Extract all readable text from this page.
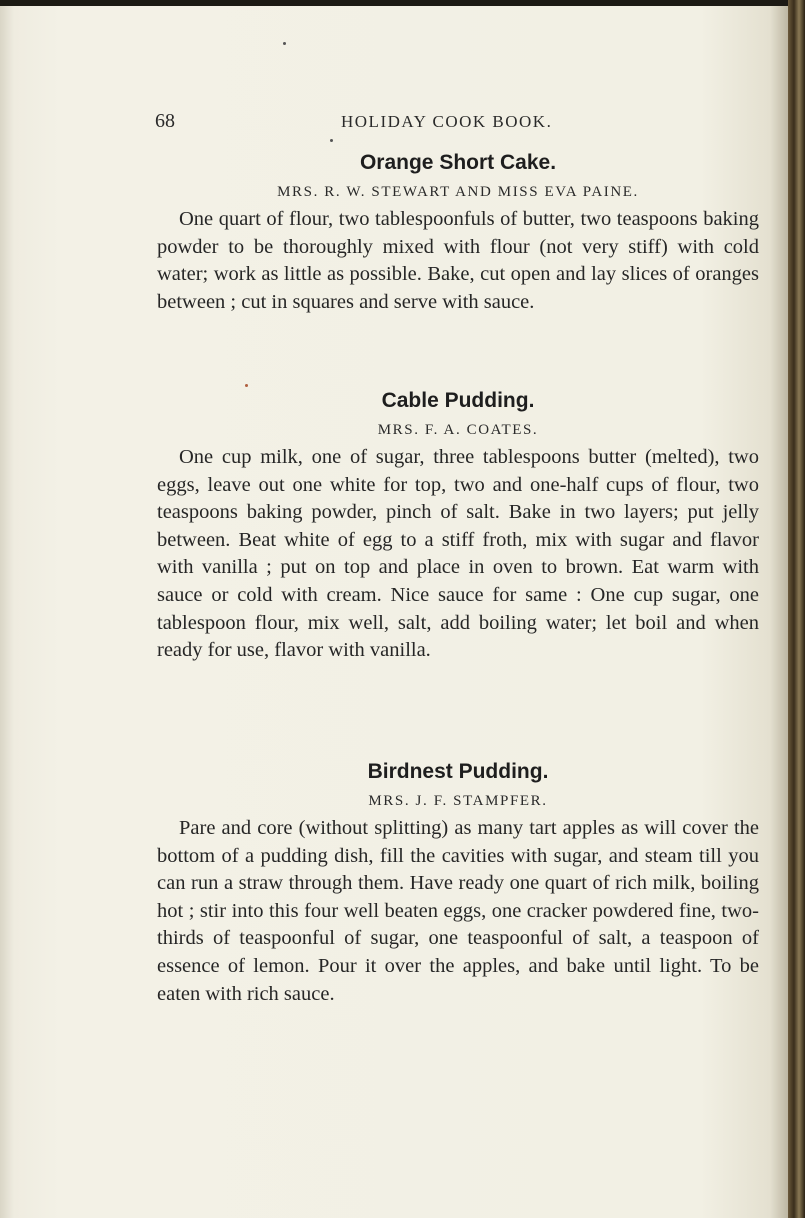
68	HOLIDAY COOK BOOK.
Orange Short Cake.

MRS. R. W. STEWART AND MISS EVA PAINE.

One quart of flour, two tablespoonfuls of butter, two teaspoons baking powder to be thoroughly mixed with flour (not very stiff) with cold water; work as little as possible. Bake, cut open and lay slices of oranges between ; cut in squares and serve with sauce.

Cable Pudding.

MRS. F. A. COATES.

One cup milk, one of sugar, three tablespoons butter (melted), two eggs, leave out one white for top, two and one-half cups of flour, two teaspoons baking powder, pinch of salt. Bake in two layers; put jelly between. Beat white of egg to a stiff froth, mix with sugar and flavor with vanilla ; put on top and place in oven to brown. Eat warm with sauce or cold with cream. Nice sauce for same : One cup sugar, one tablespoon flour, mix well, salt, add boiling water; let boil and when ready for use, flavor with vanilla.

Birdnest Pudding.

MRS. J. F. STAMPFER.

Pare and core (without splitting) as many tart apples as will cover the bottom of a pudding dish, fill the cavities with sugar, and steam till you can run a straw through them. Have ready one quart of rich milk, boiling hot ; stir into this four well beaten eggs, one cracker powdered fine, two-thirds of teaspoonful of sugar, one teaspoonful of salt, a teaspoon of essence of lemon. Pour it over the apples, and bake until light. To be eaten with rich sauce.
